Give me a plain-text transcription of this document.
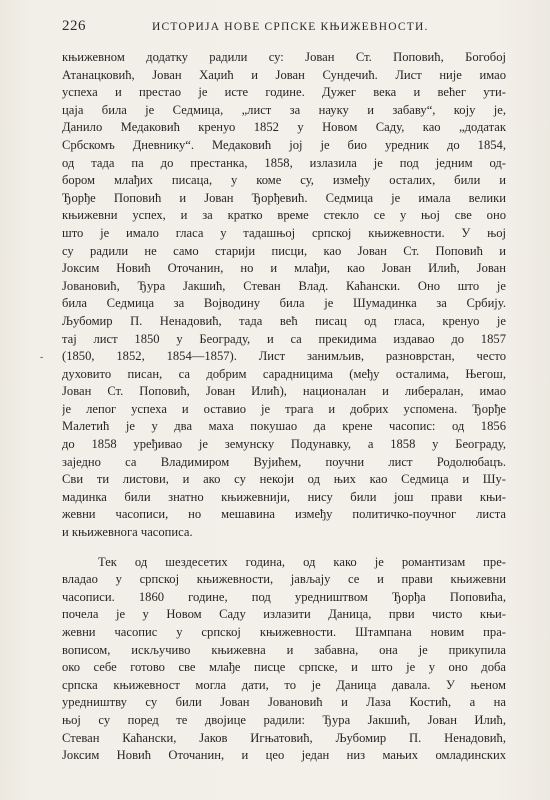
226	ИСТОРИЈА НОВЕ СРПСКЕ КЊИЖЕВНОСТИ.
-
књижевном додатку радили су: Јован Ст. Поповић, Богобој
Атанацковић, Јован Хаџић и Јован Сундечић. Лист није имао
успеха и престао је исте године. Дужег века и већег ути-
цаја била је Седмица, „лист за науку и забаву“, коју је,
Данило Медаковић кренуо 1852 у Новом Саду, као „додатак
Србскомъ Дневнику“. Медаковић јој је био уредник до 1854,
од тада па до престанка, 1858, излазила је под једним од-
бором млађих писаца, у коме су, између осталих, били и
Ђорђе Поповић и Јован Ђорђевић. Седмица је имала велики
књижевни успех, и за кратко време стекло се у њој све оно
што је имало гласа у тадашњој српској књижевности. У њој
су радили не само старији писци, као Јован Ст. Поповић и
Јоксим Новић Оточанин, но и млађи, као Јован Илић, Јован
Јовановић, Ђура Јакшић, Стеван Влад. Каћански. Оно што је
била Седмица за Војводину била је Шумадинка за Србију.
Љубомир П. Ненадовић, тада већ писац од гласа, кренуо је
тај лист 1850 у Београду, и са прекидима издавао до 1857
(1850, 1852, 1854—1857). Лист занимљив, разноврстан, често
духовито писан, са добрим сарадницима (међу осталима, Његош,
Јован Ст. Поповић, Јован Илић), националан и либералан, имао
је лепог успеха и оставио је трага и добрих успомена. Ђорђе
Малетић је у два маха покушао да крене часопис: од 1856
до 1858 уређивао је земунску Подунавку, а 1858 у Београду,
заједно са Владимиром Вујићем, поучни лист Родолюбацъ.
Сви ти листови, и ако су некоји од њих као Седмица и Шу-
мадинка били знатно књижевнији, нису били још прави књи-
жевни часописи, но мешавина између политичко-поучног листа
и књижевнога часописа.
Тек од шездесетих година, од како је романтизам пре-
владао у српској књижевности, јављају се и прави књижевни
часописи. 1860 године, под уредништвом Ђорђа Поповића,
почела је у Новом Саду излазити Даница, први чисто књи-
жевни часопис у српској књижевности. Штампана новим пра-
вописом, искључиво књижевна и забавна, она је прикупила
око себе готово све млађе писце српске, и што је у оно доба
српска књижевност могла дати, то је Даница давала. У њеном
уредништву су били Јован Јовановић и Лаза Костић, а на
њој су поред те двојице радили: Ђура Јакшић, Јован Илић,
Стеван Каћански, Јаков Игњатовић, Љубомир П. Ненадовић,
Јоксим Новић Оточанин, и цео један низ мањих омладинских
